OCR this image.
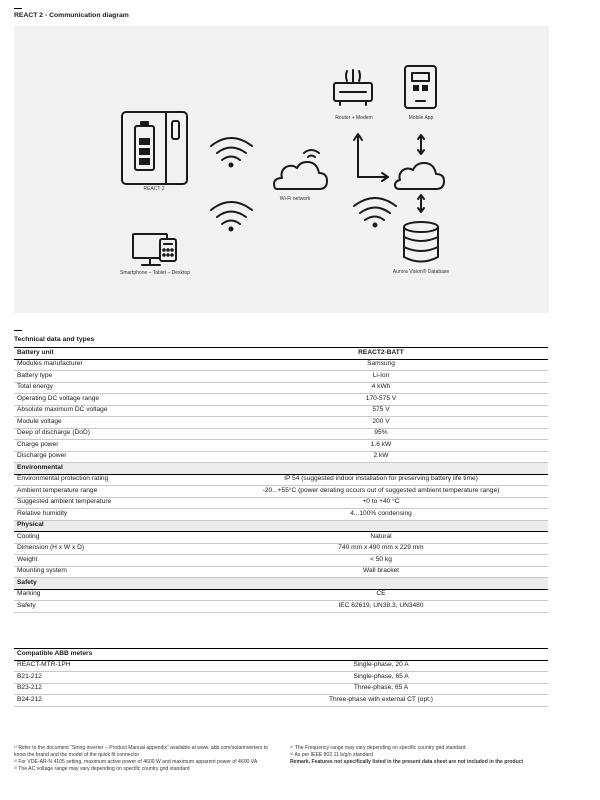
REACT 2 - Communication diagram
REACT 2
Smartphone – Tablet – Desktop
Wi-Fi network
Router + Modem	Mobile App
Aurora Vision® Database
Technical data and types
Battery unit	REACT2-BATT
Modules manufacturer	Samsung
Battery type	Li-Ion
Total energy	4 kWh
Operating DC voltage range	170-575 V
Absolute maximum DC voltage	575 V
Module voltage	200 V
Deep of discharge (DoD)	95%
Charge power	1.6 kW
Discharge power	2 kW
Environmental	
Environmental protection rating	IP 54 (suggested indoor installation for preserving battery life time)
Ambient temperature range	-20...+55°C (power derating occurs out of suggested ambient temperature range)
Suggested ambient temperature	+0 to +40 °C
Relative humidity	4...100% condensing
Physical	
Cooling	Natural
Dimension (H x W x D)	740 mm x 490 mm x 229 mm
Weight	< 50 kg
Mounting system	Wall bracket
Safety	
Marking	CE
Safety	IEC 62619, UN38.3, UN3480
Compatible ABB meters	
REACT-MTR-1PH	Single-phase, 20 A
B21-212	Single-phase, 65 A
B23-212	Three-phase, 65 A
B24-212	Three-phase with external CT (opt.)

¹⁾ Refer to the document “String inverter – Product Manual appendix” available at www. abb.com/solarinverters to know the brand and the model of the quick fit connector

²⁾ For VDE-AR-N 4105 setting, maximum active power of 4600 W and maximum apparent power of 4600 VA

³⁾ The AC voltage range may vary depending on specific country grid standard

⁴⁾ The Frequency range may vary depending on specific country grid standard

⁵⁾ As per IEEE 802.11 b/g/n standard

Remark. Features not specifically listed in the present data sheet are not included in the product
